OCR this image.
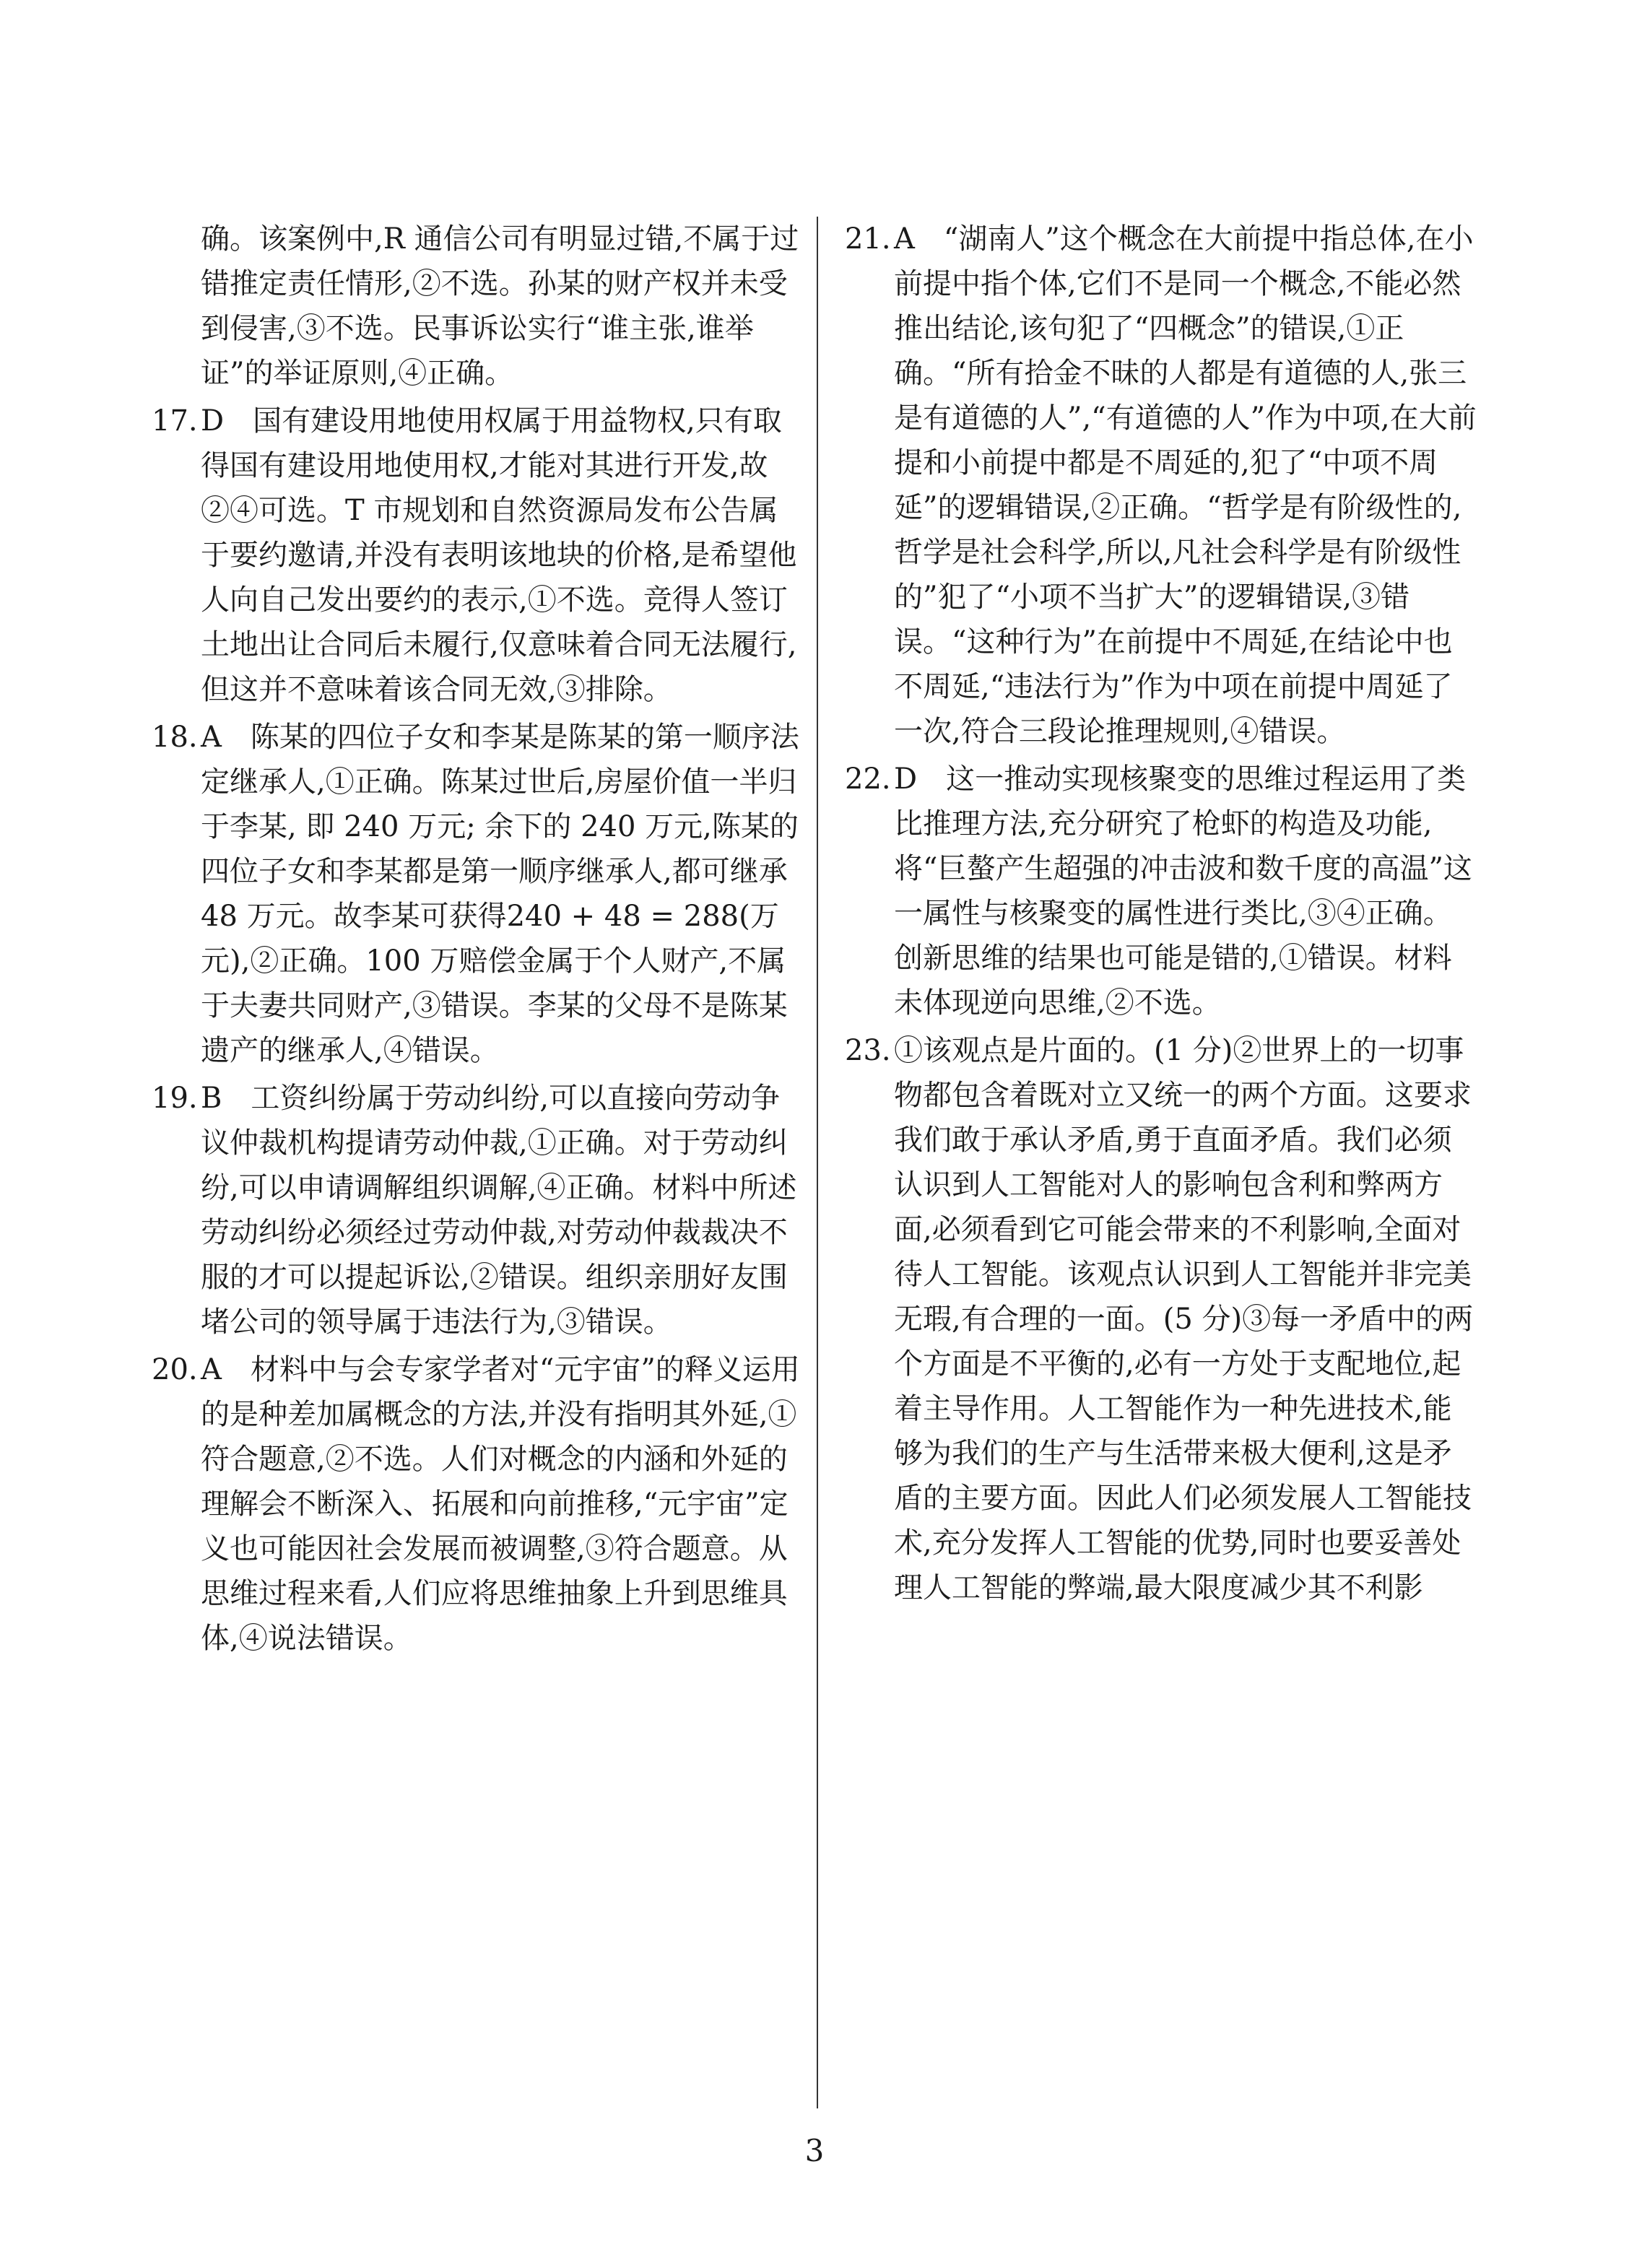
确。该案例中,R 通信公司有明显过错,不属于过错推定责任情形,②不选。孙某的财产权并未受到侵害,③不选。民事诉讼实行“谁主张,谁举证”的举证原则,④正确。

17. D　国有建设用地使用权属于用益物权,只有取得国有建设用地使用权,才能对其进行开发,故②④可选。T 市规划和自然资源局发布公告属于要约邀请,并没有表明该地块的价格,是希望他人向自己发出要约的表示,①不选。竞得人签订土地出让合同后未履行,仅意味着合同无法履行,但这并不意味着该合同无效,③排除。

18. A　陈某的四位子女和李某是陈某的第一顺序法定继承人,①正确。陈某过世后,房屋价值一半归于李某, 即 240 万元; 余下的 240 万元,陈某的四位子女和李某都是第一顺序继承人,都可继承 48 万元。故李某可获得240 + 48 = 288(万元),②正确。100 万赔偿金属于个人财产,不属于夫妻共同财产,③错误。李某的父母不是陈某遗产的继承人,④错误。

19. B　工资纠纷属于劳动纠纷,可以直接向劳动争议仲裁机构提请劳动仲裁,①正确。对于劳动纠纷,可以申请调解组织调解,④正确。材料中所述劳动纠纷必须经过劳动仲裁,对劳动仲裁裁决不服的才可以提起诉讼,②错误。组织亲朋好友围堵公司的领导属于违法行为,③错误。

20. A　材料中与会专家学者对“元宇宙”的释义运用的是种差加属概念的方法,并没有指明其外延,①符合题意,②不选。人们对概念的内涵和外延的理解会不断深入、拓展和向前推移,“元宇宙”定义也可能因社会发展而被调整,③符合题意。从思维过程来看,人们应将思维抽象上升到思维具体,④说法错误。

21. A　“湖南人”这个概念在大前提中指总体,在小前提中指个体,它们不是同一个概念,不能必然推出结论,该句犯了“四概念”的错误,①正确。“所有拾金不昧的人都是有道德的人,张三是有道德的人”,“有道德的人”作为中项,在大前提和小前提中都是不周延的,犯了“中项不周延”的逻辑错误,②正确。“哲学是有阶级性的,哲学是社会科学,所以,凡社会科学是有阶级性的”犯了“小项不当扩大”的逻辑错误,③错误。“这种行为”在前提中不周延,在结论中也不周延,“违法行为”作为中项在前提中周延了一次,符合三段论推理规则,④错误。

22. D　这一推动实现核聚变的思维过程运用了类比推理方法,充分研究了枪虾的构造及功能,将“巨螯产生超强的冲击波和数千度的高温”这一属性与核聚变的属性进行类比,③④正确。创新思维的结果也可能是错的,①错误。材料未体现逆向思维,②不选。

23. ①该观点是片面的。(1 分)②世界上的一切事物都包含着既对立又统一的两个方面。这要求我们敢于承认矛盾,勇于直面矛盾。我们必须认识到人工智能对人的影响包含利和弊两方面,必须看到它可能会带来的不利影响,全面对待人工智能。该观点认识到人工智能并非完美无瑕,有合理的一面。(5 分)③每一矛盾中的两个方面是不平衡的,必有一方处于支配地位,起着主导作用。人工智能作为一种先进技术,能够为我们的生产与生活带来极大便利,这是矛盾的主要方面。因此人们必须发展人工智能技术,充分发挥人工智能的优势,同时也要妥善处理人工智能的弊端,最大限度减少其不利影

3
